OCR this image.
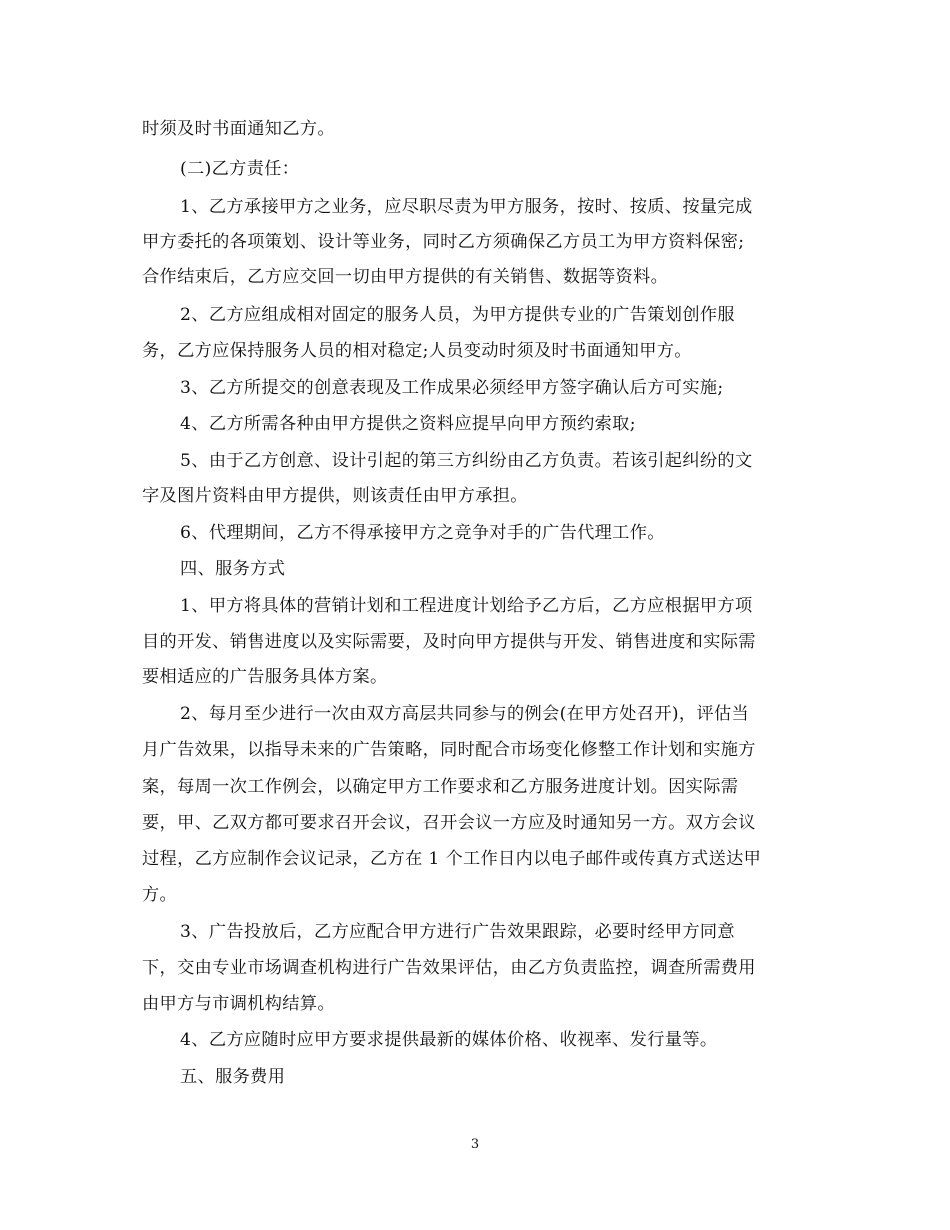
时须及时书面通知乙方。
(二)乙方责任：
1、乙方承接甲方之业务，应尽职尽责为甲方服务，按时、按质、按量完成
甲方委托的各项策划、设计等业务，同时乙方须确保乙方员工为甲方资料保密;
合作结束后，乙方应交回一切由甲方提供的有关销售、数据等资料。
2、乙方应组成相对固定的服务人员，为甲方提供专业的广告策划创作服
务，乙方应保持服务人员的相对稳定;人员变动时须及时书面通知甲方。
3、乙方所提交的创意表现及工作成果必须经甲方签字确认后方可实施;
4、乙方所需各种由甲方提供之资料应提早向甲方预约索取;
5、由于乙方创意、设计引起的第三方纠纷由乙方负责。若该引起纠纷的文
字及图片资料由甲方提供，则该责任由甲方承担。
6、代理期间，乙方不得承接甲方之竞争对手的广告代理工作。
四、服务方式
1、甲方将具体的营销计划和工程进度计划给予乙方后，乙方应根据甲方项
目的开发、销售进度以及实际需要，及时向甲方提供与开发、销售进度和实际需
要相适应的广告服务具体方案。
2、每月至少进行一次由双方高层共同参与的例会(在甲方处召开)，评估当
月广告效果，以指导未来的广告策略，同时配合市场变化修整工作计划和实施方
案，每周一次工作例会，以确定甲方工作要求和乙方服务进度计划。因实际需
要，甲、乙双方都可要求召开会议，召开会议一方应及时通知另一方。双方会议
过程，乙方应制作会议记录，乙方在 1 个工作日内以电子邮件或传真方式送达甲
方。
3、广告投放后，乙方应配合甲方进行广告效果跟踪，必要时经甲方同意
下，交由专业市场调查机构进行广告效果评估，由乙方负责监控，调查所需费用
由甲方与市调机构结算。
4、乙方应随时应甲方要求提供最新的媒体价格、收视率、发行量等。
五、服务费用
3
